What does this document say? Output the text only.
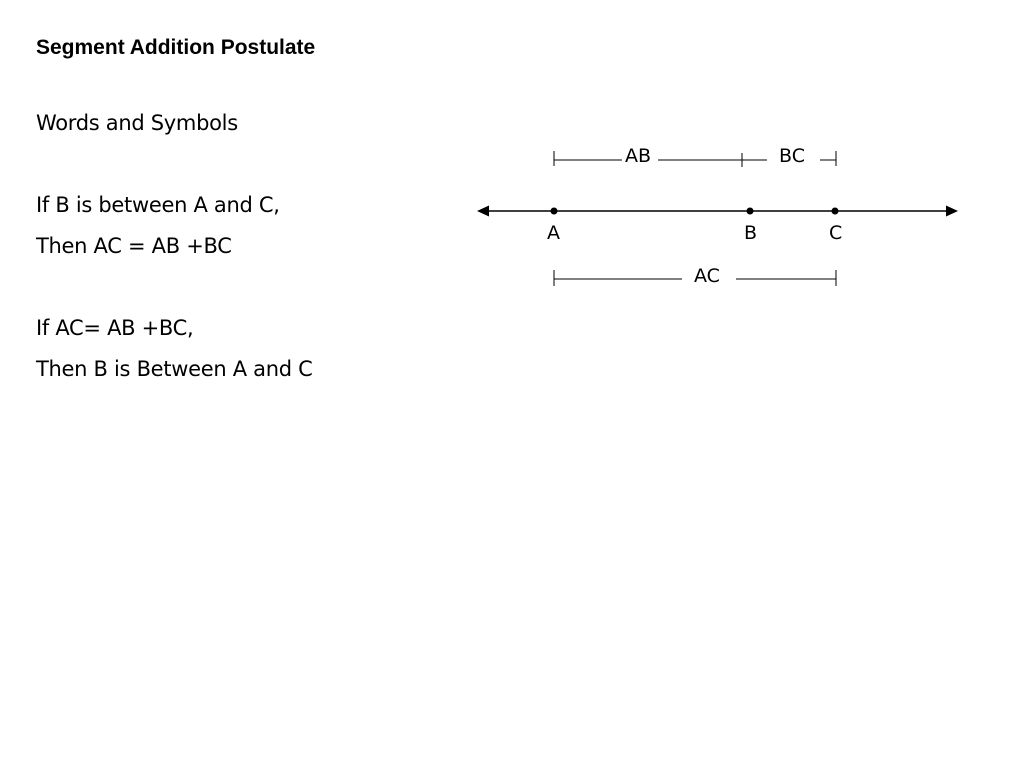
Segment Addition Postulate
Words and Symbols
If B is between A and C,
Then AC = AB +BC
If AC= AB +BC,
Then B is Between A and C
AB	BC
A	B	C
AC
